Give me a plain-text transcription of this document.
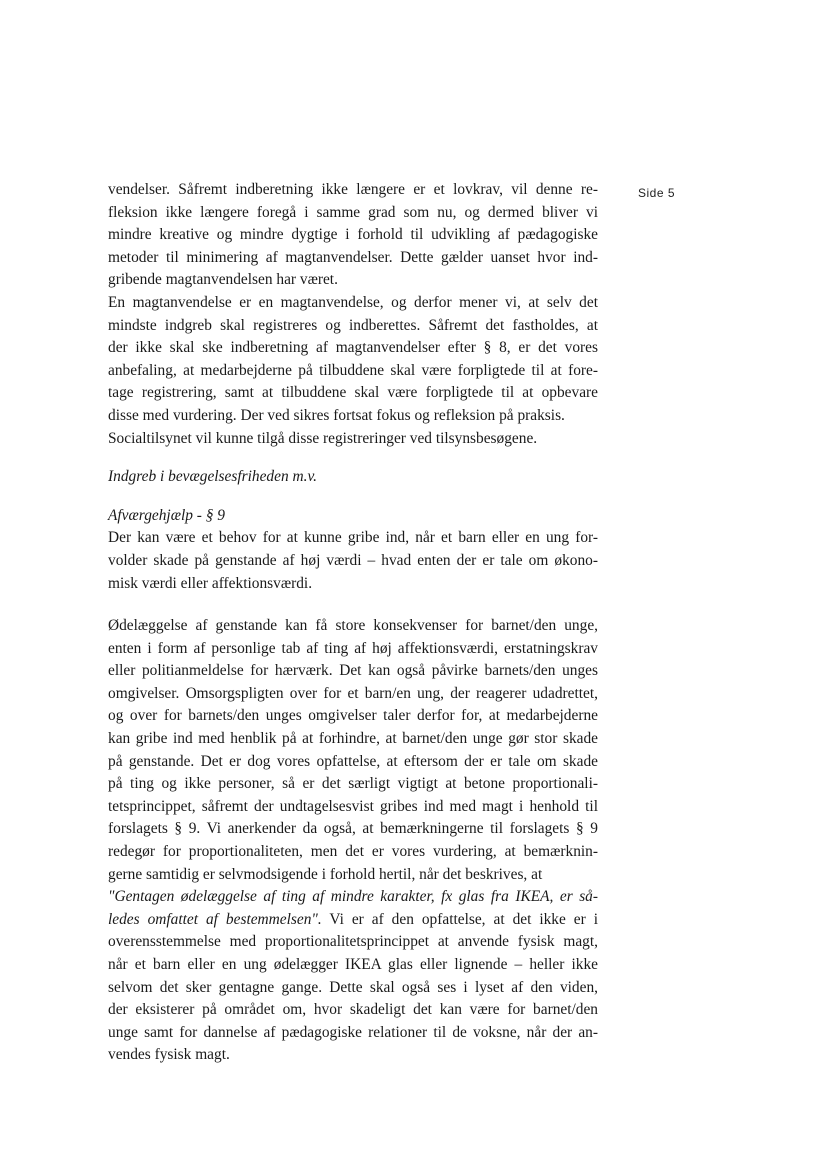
Side 5
vendelser. Såfremt indberetning ikke længere er et lovkrav, vil denne re-
fleksion ikke længere foregå i samme grad som nu, og dermed bliver vi
mindre kreative og mindre dygtige i forhold til udvikling af pædagogiske
metoder til minimering af magtanvendelser. Dette gælder uanset hvor ind-
gribende magtanvendelsen har været.
En magtanvendelse er en magtanvendelse, og derfor mener vi, at selv det
mindste indgreb skal registreres og indberettes. Såfremt det fastholdes, at
der ikke skal ske indberetning af magtanvendelser efter § 8, er det vores
anbefaling, at medarbejderne på tilbuddene skal være forpligtede til at fore-
tage registrering, samt at tilbuddene skal være forpligtede til at opbevare
disse med vurdering. Der ved sikres fortsat fokus og refleksion på praksis.
Socialtilsynet vil kunne tilgå disse registreringer ved tilsynsbesøgene.
Indgreb i bevægelsesfriheden m.v.
Afværgehjælp - § 9
Der kan være et behov for at kunne gribe ind, når et barn eller en ung for-
volder skade på genstande af høj værdi – hvad enten der er tale om økono-
misk værdi eller affektionsværdi.
Ødelæggelse af genstande kan få store konsekvenser for barnet/den unge,
enten i form af personlige tab af ting af høj affektionsværdi, erstatningskrav
eller politianmeldelse for hærværk. Det kan også påvirke barnets/den unges
omgivelser. Omsorgspligten over for et barn/en ung, der reagerer udadrettet,
og over for barnets/den unges omgivelser taler derfor for, at medarbejderne
kan gribe ind med henblik på at forhindre, at barnet/den unge gør stor skade
på genstande. Det er dog vores opfattelse, at eftersom der er tale om skade
på ting og ikke personer, så er det særligt vigtigt at betone proportionali-
tetsprincippet, såfremt der undtagelsesvist gribes ind med magt i henhold til
forslagets § 9. Vi anerkender da også, at bemærkningerne til forslagets § 9
redegør for proportionaliteten, men det er vores vurdering, at bemærknin-
gerne samtidig er selvmodsigende i forhold hertil, når det beskrives, at
"Gentagen ødelæggelse af ting af mindre karakter, fx glas fra IKEA, er så-
ledes omfattet af bestemmelsen". Vi er af den opfattelse, at det ikke er i
overensstemmelse med proportionalitetsprincippet at anvende fysisk magt,
når et barn eller en ung ødelægger IKEA glas eller lignende – heller ikke
selvom det sker gentagne gange. Dette skal også ses i lyset af den viden,
der eksisterer på området om, hvor skadeligt det kan være for barnet/den
unge samt for dannelse af pædagogiske relationer til de voksne, når der an-
vendes fysisk magt.
